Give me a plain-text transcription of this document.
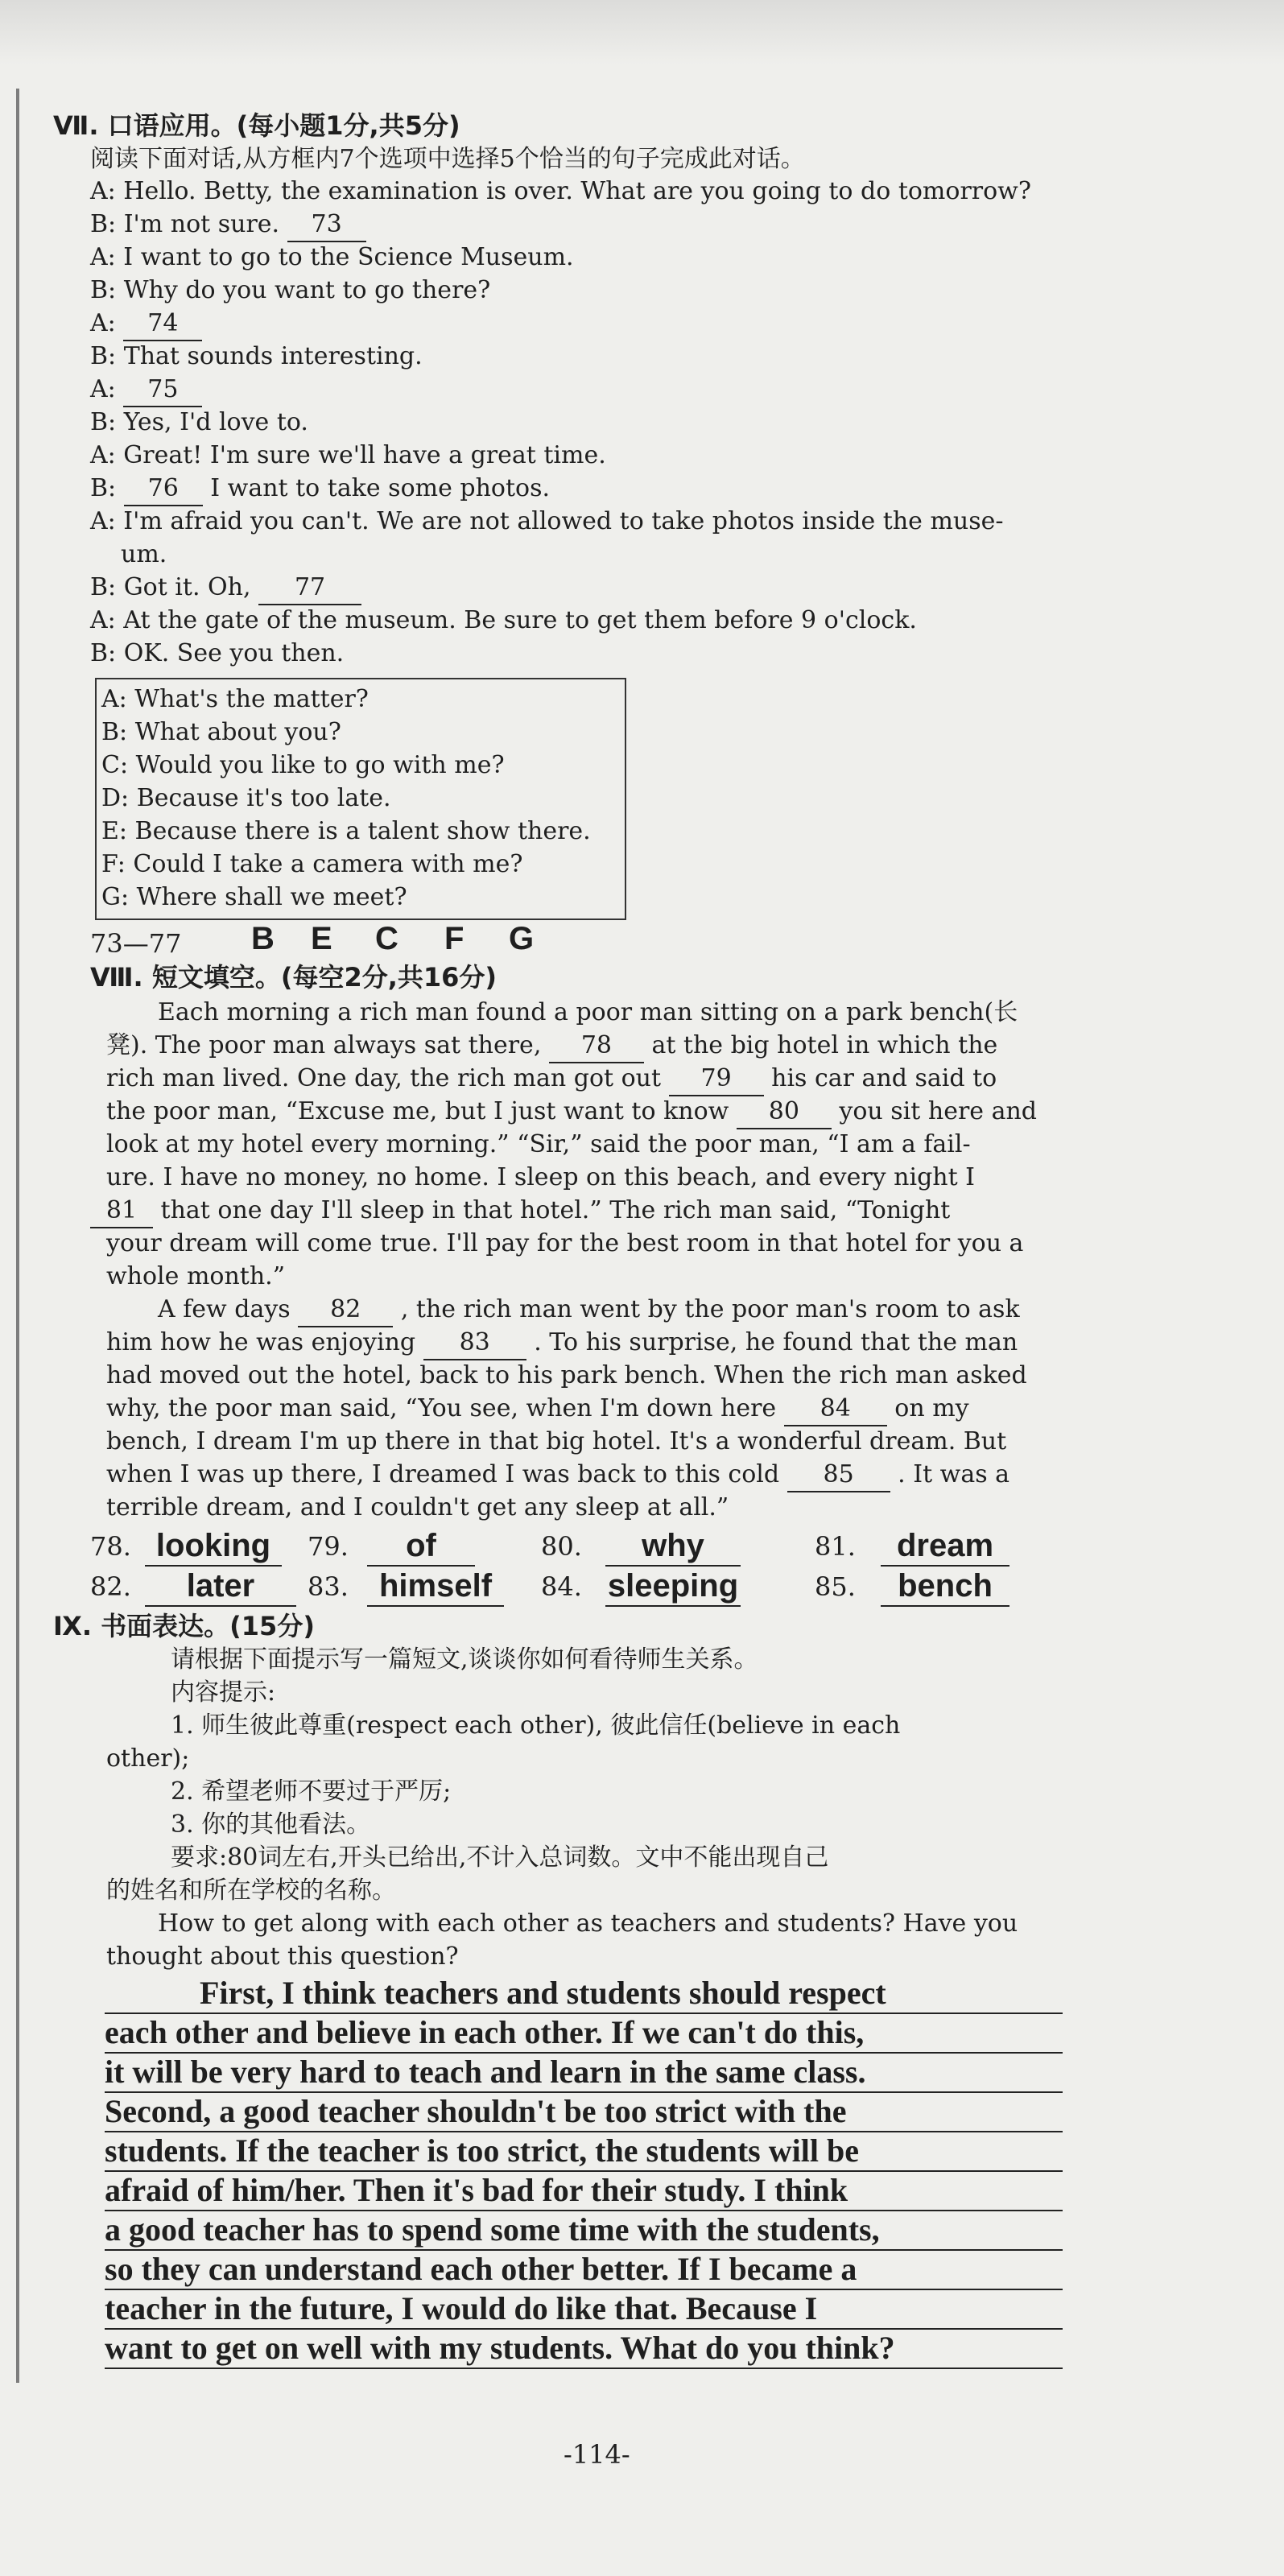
Ⅶ. 口语应用。(每小题1分,共5分)
阅读下面对话,从方框内7个选项中选择5个恰当的句子完成此对话。
A: Hello. Betty, the examination is over. What are you going to do tomorrow?
B: I'm not sure. 73
A: I want to go to the Science Museum.
B: Why do you want to go there?
A: 74
B: That sounds interesting.
A: 75
B: Yes, I'd love to.
A: Great! I'm sure we'll have a great time.
B: 76 I want to take some photos.
A: I'm afraid you can't. We are not allowed to take photos inside the muse-
um.
B: Got it. Oh, 77
A: At the gate of the museum. Be sure to get them before 9 o'clock.
B: OK. See you then.
A: What's the matter?
B: What about you?
C: Would you like to go with me?
D: Because it's too late.
E: Because there is a talent show there.
F: Could I take a camera with me?
G: Where shall we meet?
73—77 B E C F G
Ⅷ. 短文填空。(每空2分,共16分)
Each morning a rich man found a poor man sitting on a park bench(长
凳). The poor man always sat there, 78 at the big hotel in which the
rich man lived. One day, the rich man got out 79 his car and said to
the poor man, “Excuse me, but I just want to know 80 you sit here and
look at my hotel every morning.” “Sir,” said the poor man, “I am a fail-
ure. I have no money, no home. I sleep on this beach, and every night I
81 that one day I'll sleep in that hotel.” The rich man said, “Tonight
your dream will come true. I'll pay for the best room in that hotel for you a
whole month.”
A few days 82 , the rich man went by the poor man's room to ask
him how he was enjoying 83 . To his surprise, he found that the man
had moved out the hotel, back to his park bench. When the rich man asked
why, the poor man said, “You see, when I'm down here 84 on my
bench, I dream I'm up there in that big hotel. It's a wonderful dream. But
when I was up there, I dreamed I was back to this cold 85 . It was a
terrible dream, and I couldn't get any sleep at all.”
78. looking	79.	of	80.	why	81.	dream
82.	later	83. himself	84. sleeping	85.	bench
Ⅸ. 书面表达。(15分)
请根据下面提示写一篇短文,谈谈你如何看待师生关系。
内容提示:
1. 师生彼此尊重(respect each other), 彼此信任(believe in each
other);
2. 希望老师不要过于严厉;
3. 你的其他看法。
要求:80词左右,开头已给出,不计入总词数。文中不能出现自己
的姓名和所在学校的名称。
How to get along with each other as teachers and students? Have you
thought about this question?
First, I think teachers and students should respect
each other and believe in each other. If we can't do this,
it will be very hard to teach and learn in the same class.
Second, a good teacher shouldn't be too strict with the
students. If the teacher is too strict, the students will be
afraid of him/her. Then it's bad for their study. I think
a good teacher has to spend some time with the students,
so they can understand each other better. If I became a
teacher in the future, I would do like that. Because I
want to get on well with my students. What do you think?
-114-
